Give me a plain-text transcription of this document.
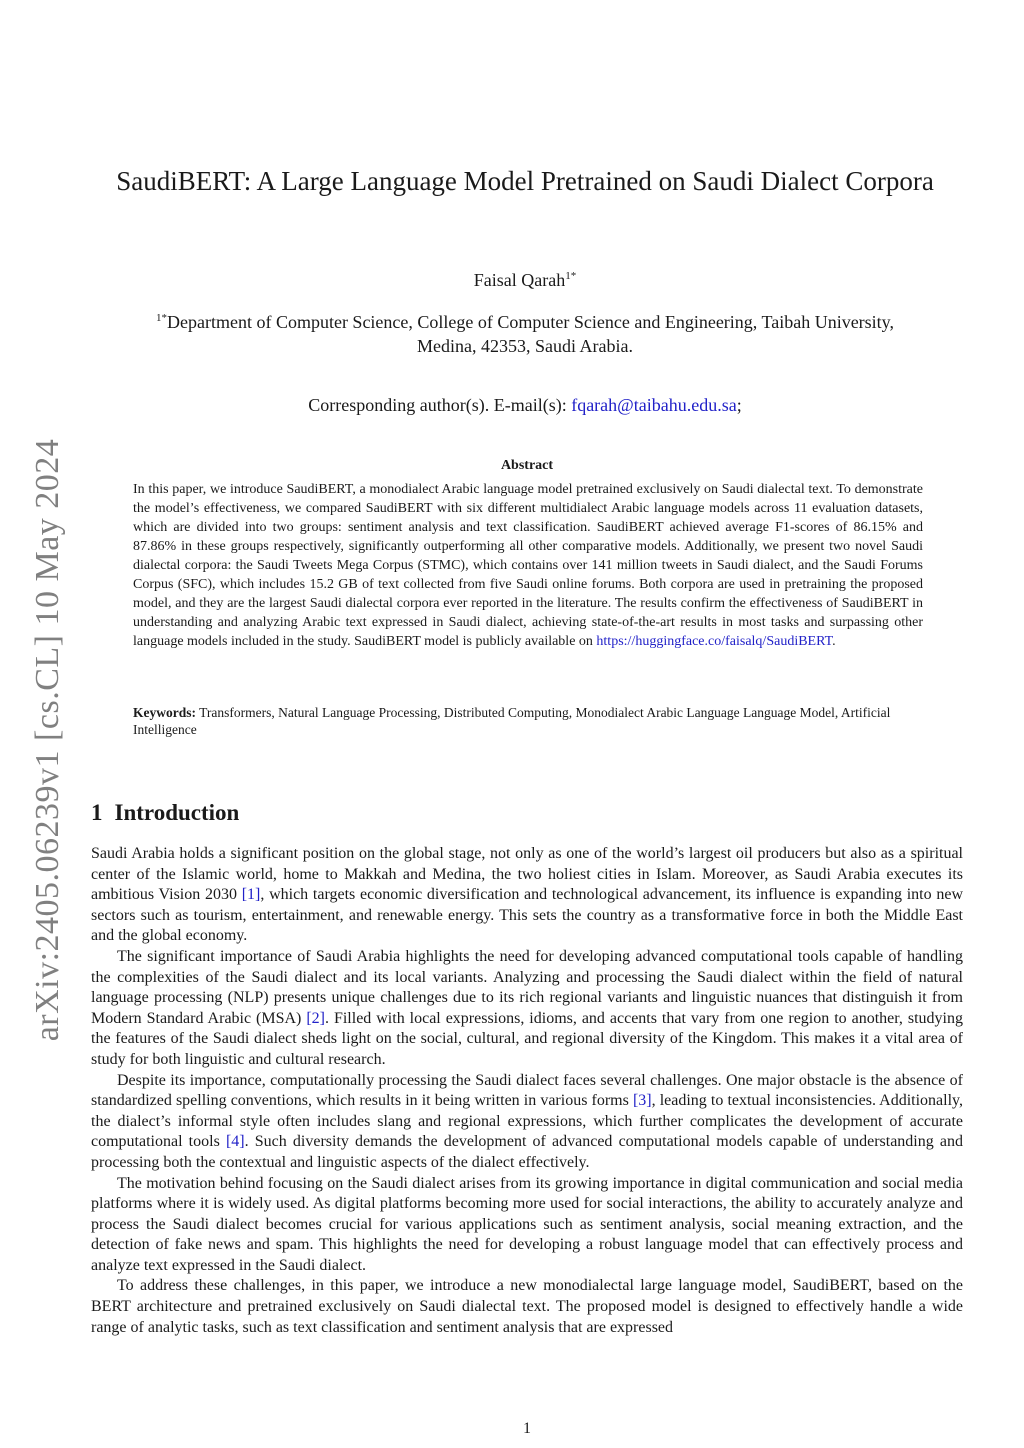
arXiv:2405.06239v1 [cs.CL] 10 May 2024
SaudiBERT: A Large Language Model Pretrained on Saudi Dialect Corpora
Faisal Qarah$^{1*}$
$^{1*}$Department of Computer Science, College of Computer Science and Engineering, Taibah University, Medina, 42353, Saudi Arabia.
Corresponding author(s). E-mail(s): fqarah@taibahu.edu.sa;
Abstract
In this paper, we introduce SaudiBERT, a monodialect Arabic language model pretrained exclusively on Saudi dialectal text. To demonstrate the model’s effectiveness, we compared SaudiBERT with six different multidialect Arabic language models across 11 evaluation datasets, which are divided into two groups: sentiment analysis and text classification. SaudiBERT achieved average F1-scores of 86.15% and 87.86% in these groups respectively, significantly outperforming all other comparative models. Additionally, we present two novel Saudi dialectal corpora: the Saudi Tweets Mega Corpus (STMC), which contains over 141 million tweets in Saudi dialect, and the Saudi Forums Corpus (SFC), which includes 15.2 GB of text collected from five Saudi online forums. Both corpora are used in pretraining the proposed model, and they are the largest Saudi dialectal corpora ever reported in the literature. The results confirm the effectiveness of SaudiBERT in understanding and analyzing Arabic text expressed in Saudi dialect, achieving state-of-the-art results in most tasks and surpassing other language models included in the study. SaudiBERT model is publicly available on https://huggingface.co/faisalq/SaudiBERT.
Keywords: Transformers, Natural Language Processing, Distributed Computing, Monodialect Arabic Language Language Model, Artificial Intelligence
1 Introduction

Saudi Arabia holds a significant position on the global stage, not only as one of the world’s largest oil producers but also as a spiritual center of the Islamic world, home to Makkah and Medina, the two holiest cities in Islam. Moreover, as Saudi Arabia executes its ambitious Vision 2030 [1], which targets economic diversification and technological advancement, its influence is expanding into new sectors such as tourism, entertainment, and renewable energy. This sets the country as a transformative force in both the Middle East and the global economy.

The significant importance of Saudi Arabia highlights the need for developing advanced computational tools capable of handling the complexities of the Saudi dialect and its local variants. Analyzing and processing the Saudi dialect within the field of natural language processing (NLP) presents unique challenges due to its rich regional variants and linguistic nuances that distinguish it from Modern Standard Arabic (MSA) [2]. Filled with local expressions, idioms, and accents that vary from one region to another, studying the features of the Saudi dialect sheds light on the social, cultural, and regional diversity of the Kingdom. This makes it a vital area of study for both linguistic and cultural research.

Despite its importance, computationally processing the Saudi dialect faces several challenges. One major obstacle is the absence of standardized spelling conventions, which results in it being written in various forms [3], leading to textual inconsistencies. Additionally, the dialect’s informal style often includes slang and regional expressions, which further complicates the development of accurate computational tools [4]. Such diversity demands the development of advanced computational models capable of understanding and processing both the contextual and linguistic aspects of the dialect effectively.

The motivation behind focusing on the Saudi dialect arises from its growing importance in digital communication and social media platforms where it is widely used. As digital platforms becoming more used for social interactions, the ability to accurately analyze and process the Saudi dialect becomes crucial for various applications such as sentiment analysis, social meaning extraction, and the detection of fake news and spam. This highlights the need for developing a robust language model that can effectively process and analyze text expressed in the Saudi dialect.

To address these challenges, in this paper, we introduce a new monodialectal large language model, SaudiBERT, based on the BERT architecture and pretrained exclusively on Saudi dialectal text. The proposed model is designed to effectively handle a wide range of analytic tasks, such as text classification and sentiment analysis that are expressed

1
